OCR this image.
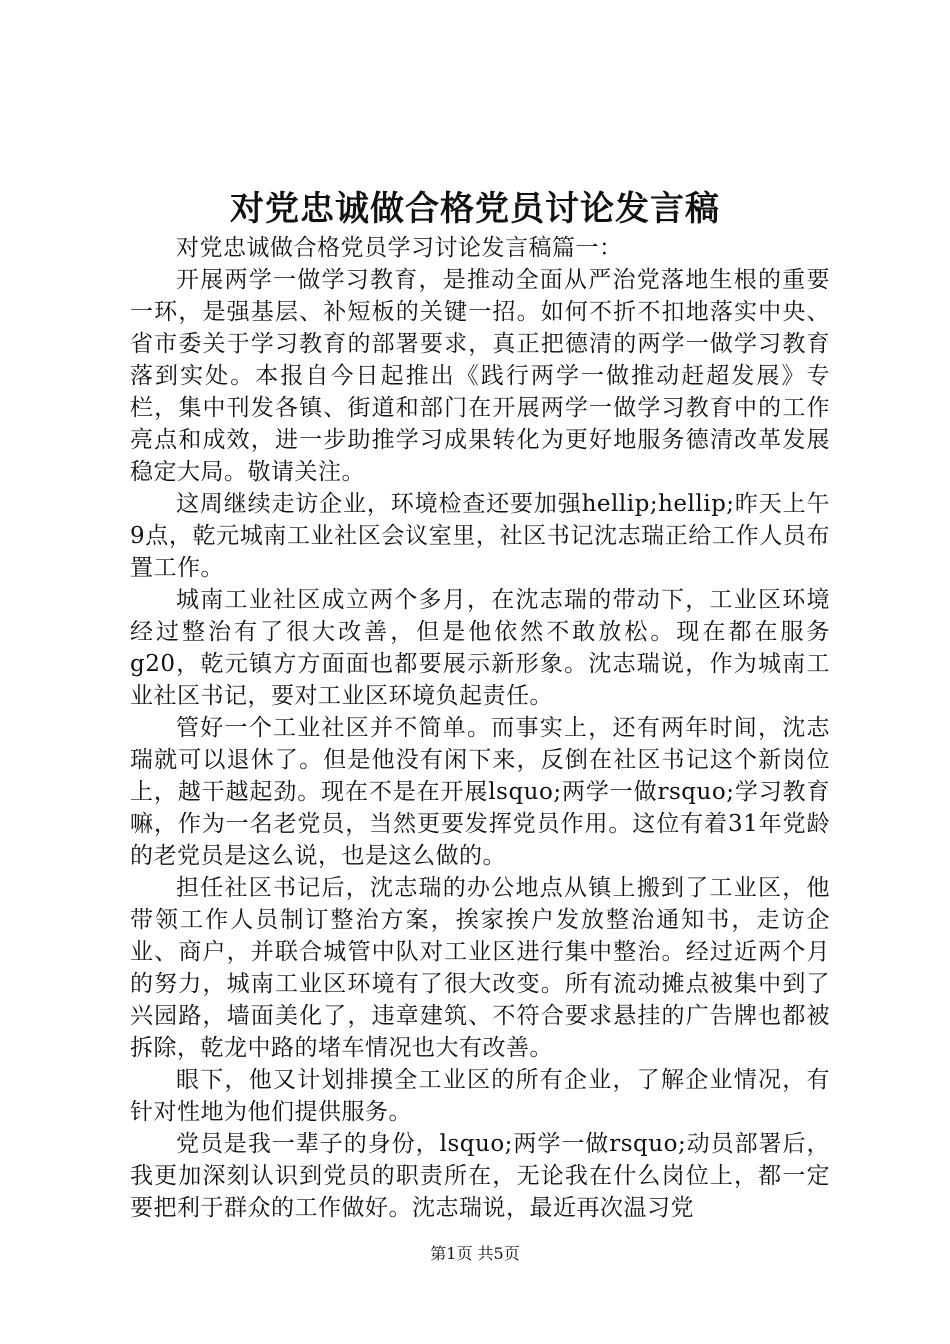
对党忠诚做合格党员讨论发言稿

对党忠诚做合格党员学习讨论发言稿篇一：

开展两学一做学习教育，是推动全面从严治党落地生根的重要一环，是强基层、补短板的关键一招。如何不折不扣地落实中央、省市委关于学习教育的部署要求，真正把德清的两学一做学习教育落到实处。本报自今日起推出《践行两学一做推动赶超发展》专栏，集中刊发各镇、街道和部门在开展两学一做学习教育中的工作亮点和成效，进一步助推学习成果转化为更好地服务德清改革发展稳定大局。敬请关注。

这周继续走访企业，环境检查还要加强hellip;hellip;昨天上午9点，乾元城南工业社区会议室里，社区书记沈志瑞正给工作人员布置工作。

城南工业社区成立两个多月，在沈志瑞的带动下，工业区环境经过整治有了很大改善，但是他依然不敢放松。现在都在服务g20，乾元镇方方面面也都要展示新形象。沈志瑞说，作为城南工业社区书记，要对工业区环境负起责任。

管好一个工业社区并不简单。而事实上，还有两年时间，沈志瑞就可以退休了。但是他没有闲下来，反倒在社区书记这个新岗位上，越干越起劲。现在不是在开展lsquo;两学一做rsquo;学习教育嘛，作为一名老党员，当然更要发挥党员作用。这位有着31年党龄的老党员是这么说，也是这么做的。

担任社区书记后，沈志瑞的办公地点从镇上搬到了工业区，他带领工作人员制订整治方案，挨家挨户发放整治通知书，走访企业、商户，并联合城管中队对工业区进行集中整治。经过近两个月的努力，城南工业区环境有了很大改变。所有流动摊点被集中到了兴园路，墙面美化了，违章建筑、不符合要求悬挂的广告牌也都被拆除，乾龙中路的堵车情况也大有改善。

眼下，他又计划排摸全工业区的所有企业，了解企业情况，有针对性地为他们提供服务。

党员是我一辈子的身份，lsquo;两学一做rsquo;动员部署后，我更加深刻认识到党员的职责所在，无论我在什么岗位上，都一定要把利于群众的工作做好。沈志瑞说，最近再次温习党

第1页 共5页
